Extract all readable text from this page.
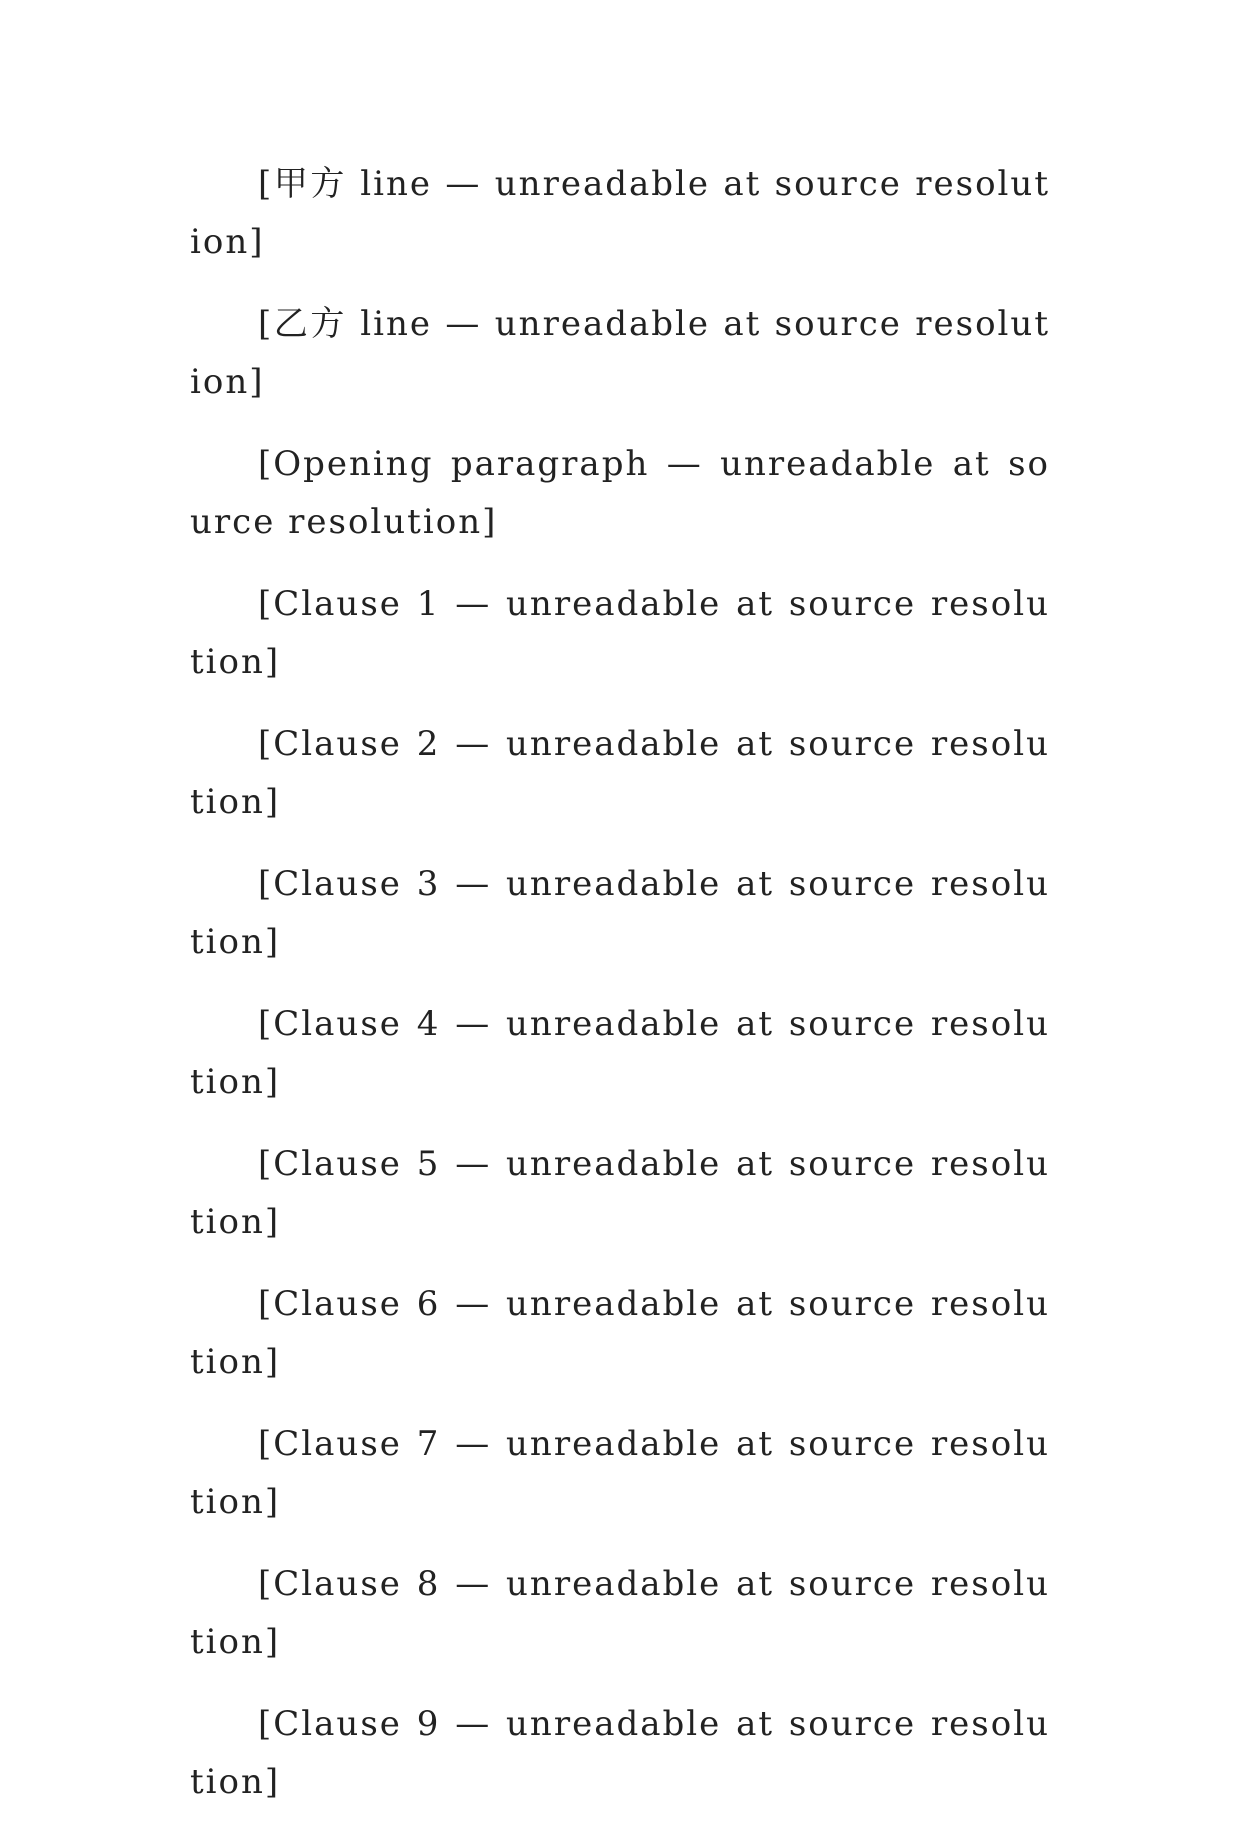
[甲方 line — unreadable at source resolution]

[乙方 line — unreadable at source resolution]

[Opening paragraph — unreadable at source resolution]

[Clause 1 — unreadable at source resolution]

[Clause 2 — unreadable at source resolution]

[Clause 3 — unreadable at source resolution]

[Clause 4 — unreadable at source resolution]

[Clause 5 — unreadable at source resolution]

[Clause 6 — unreadable at source resolution]

[Clause 7 — unreadable at source resolution]

[Clause 8 — unreadable at source resolution]

[Clause 9 — unreadable at source resolution]
